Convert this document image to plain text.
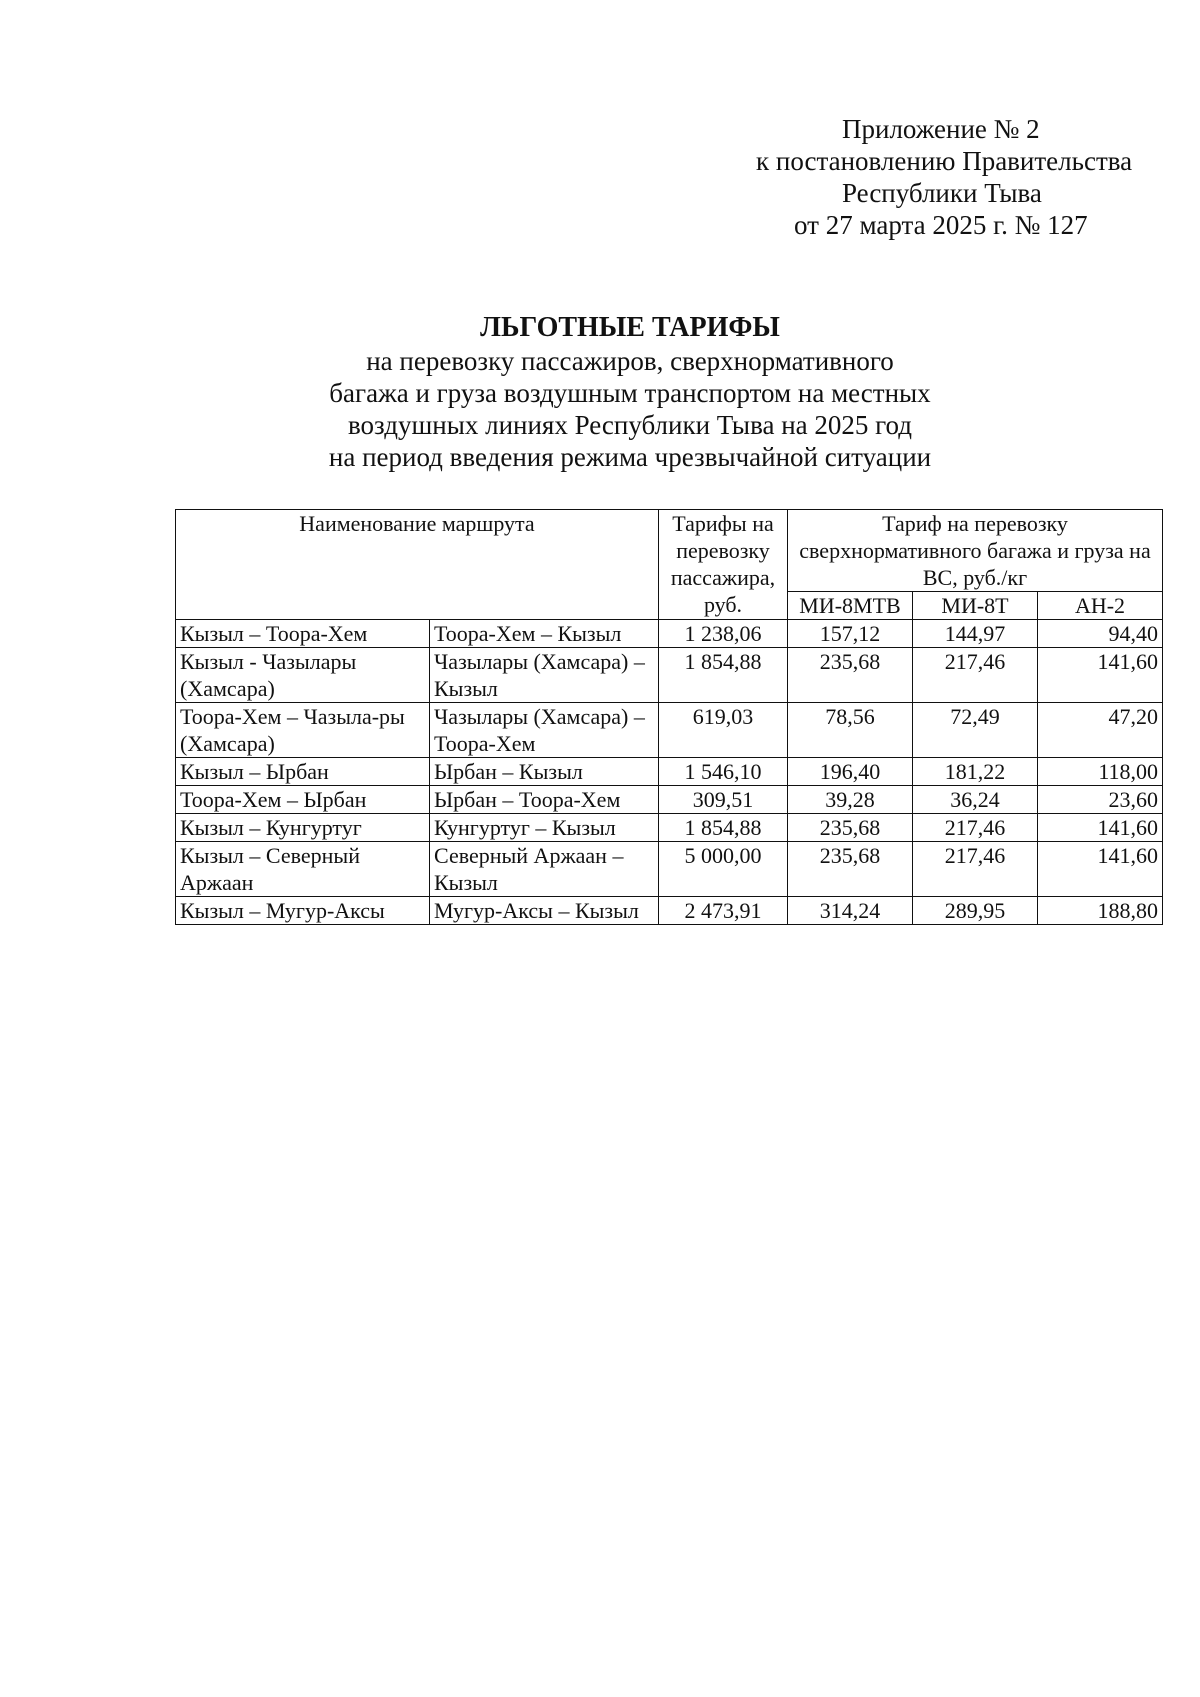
Приложение № 2
к постановлению Правительства
Республики Тыва
от 27 марта 2025 г. № 127
ЛЬГОТНЫЕ ТАРИФЫ
на перевозку пассажиров, сверхнормативного
багажа и груза воздушным транспортом на местных
воздушных линиях Республики Тыва на 2025 год
на период введения режима чрезвычайной ситуации
Наименование маршрута		Тарифы на перевозку пассажира, руб.	Тариф на перевозку сверхнормативного багажа и груза на ВС, руб./кг		
			МИ-8МТВ	МИ-8Т	АН-2
Кызыл – Тоора-Хем	Тоора-Хем – Кызыл	1 238,06	157,12	144,97	94,40
Кызыл - Чазылары (Хамсара)	Чазылары (Хамсара) – Кызыл	1 854,88	235,68	217,46	141,60
Тоора-Хем – Чазыла-ры (Хамсара)	Чазылары (Хамсара) – Тоора-Хем	619,03	78,56	72,49	47,20
Кызыл – Ырбан	Ырбан – Кызыл	1 546,10	196,40	181,22	118,00
Тоора-Хем – Ырбан	Ырбан – Тоора-Хем	309,51	39,28	36,24	23,60
Кызыл – Кунгуртуг	Кунгуртуг – Кызыл	1 854,88	235,68	217,46	141,60
Кызыл – Северный Аржаан	Северный Аржаан – Кызыл	5 000,00	235,68	217,46	141,60
Кызыл – Мугур-Аксы	Мугур-Аксы – Кызыл	2 473,91	314,24	289,95	188,80
